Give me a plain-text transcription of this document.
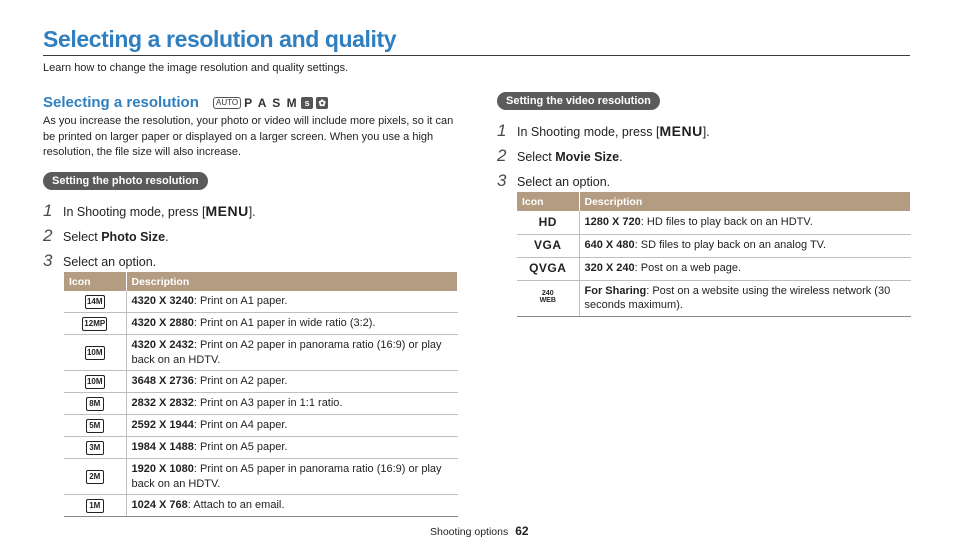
Selecting a resolution and quality
Learn how to change the image resolution and quality settings.
Selecting a resolution	AUTO P A S M s ✿
As you increase the resolution, your photo or video will include more pixels, so it can be printed on larger paper or displayed on a larger screen. When you use a high resolution, the file size will also increase.
Setting the photo resolution
1 In Shooting mode, press [MENU].
2 Select Photo Size.
3 Select an option.
Icon	Description
14M	4320 X 3240: Print on A1 paper.
12MP	4320 X 2880: Print on A1 paper in wide ratio (3:2).
10M	4320 X 2432: Print on A2 paper in panorama ratio (16:9) or play back on an HDTV.
10M	3648 X 2736: Print on A2 paper.
8M	2832 X 2832: Print on A3 paper in 1:1 ratio.
5M	2592 X 1944: Print on A4 paper.
3M	1984 X 1488: Print on A5 paper.
2M	1920 X 1080: Print on A5 paper in panorama ratio (16:9) or play back on an HDTV.
1M	1024 X 768: Attach to an email.
Setting the video resolution
1 In Shooting mode, press [MENU].
2 Select Movie Size.
3 Select an option.
Icon	Description
HD	1280 X 720: HD files to play back on an HDTV.
VGA	640 X 480: SD files to play back on an analog TV.
QVGA	320 X 240: Post on a web page.

240
WEB	For Sharing: Post on a website using the wireless network (30 seconds maximum).
Shooting options 62
